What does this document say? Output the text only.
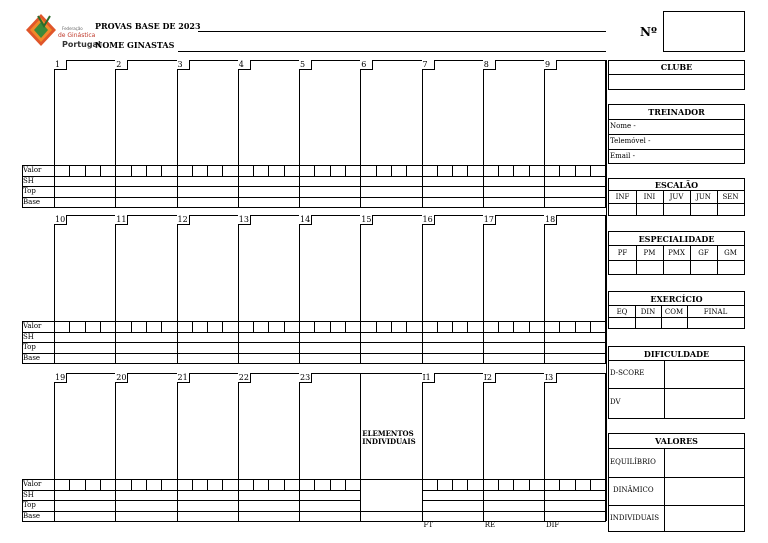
Federação
de Ginástica
Portugal
PROVAS BASE DE 2023
NOME GINASTAS
Nº
Valor
SH
Top
Base
1	2	3	4	5	6	7	8	9
Valor
SH
Top
Base
10	11	12	13	14	15	16	17	18
Valor
SH
Top
Base
19	20	21	22	23	I1	I2	I3
ELEMENTOS
INDIVIDUAIS
FT	RE	DIF
CLUBE
TREINADOR
Nome -
Telemóvel -
Email -
ESCALÃO
INF	INI	JUV	JUN	SEN
ESPECIALIDADE
PF	PM	PMX	GF	GM
EXERCÍCIO
EQ	DIN	COM	FINAL
DIFICULDADE
D-SCORE
DV
VALORES
EQUILÍBRIO
DINÂMICO
INDIVIDUAIS
